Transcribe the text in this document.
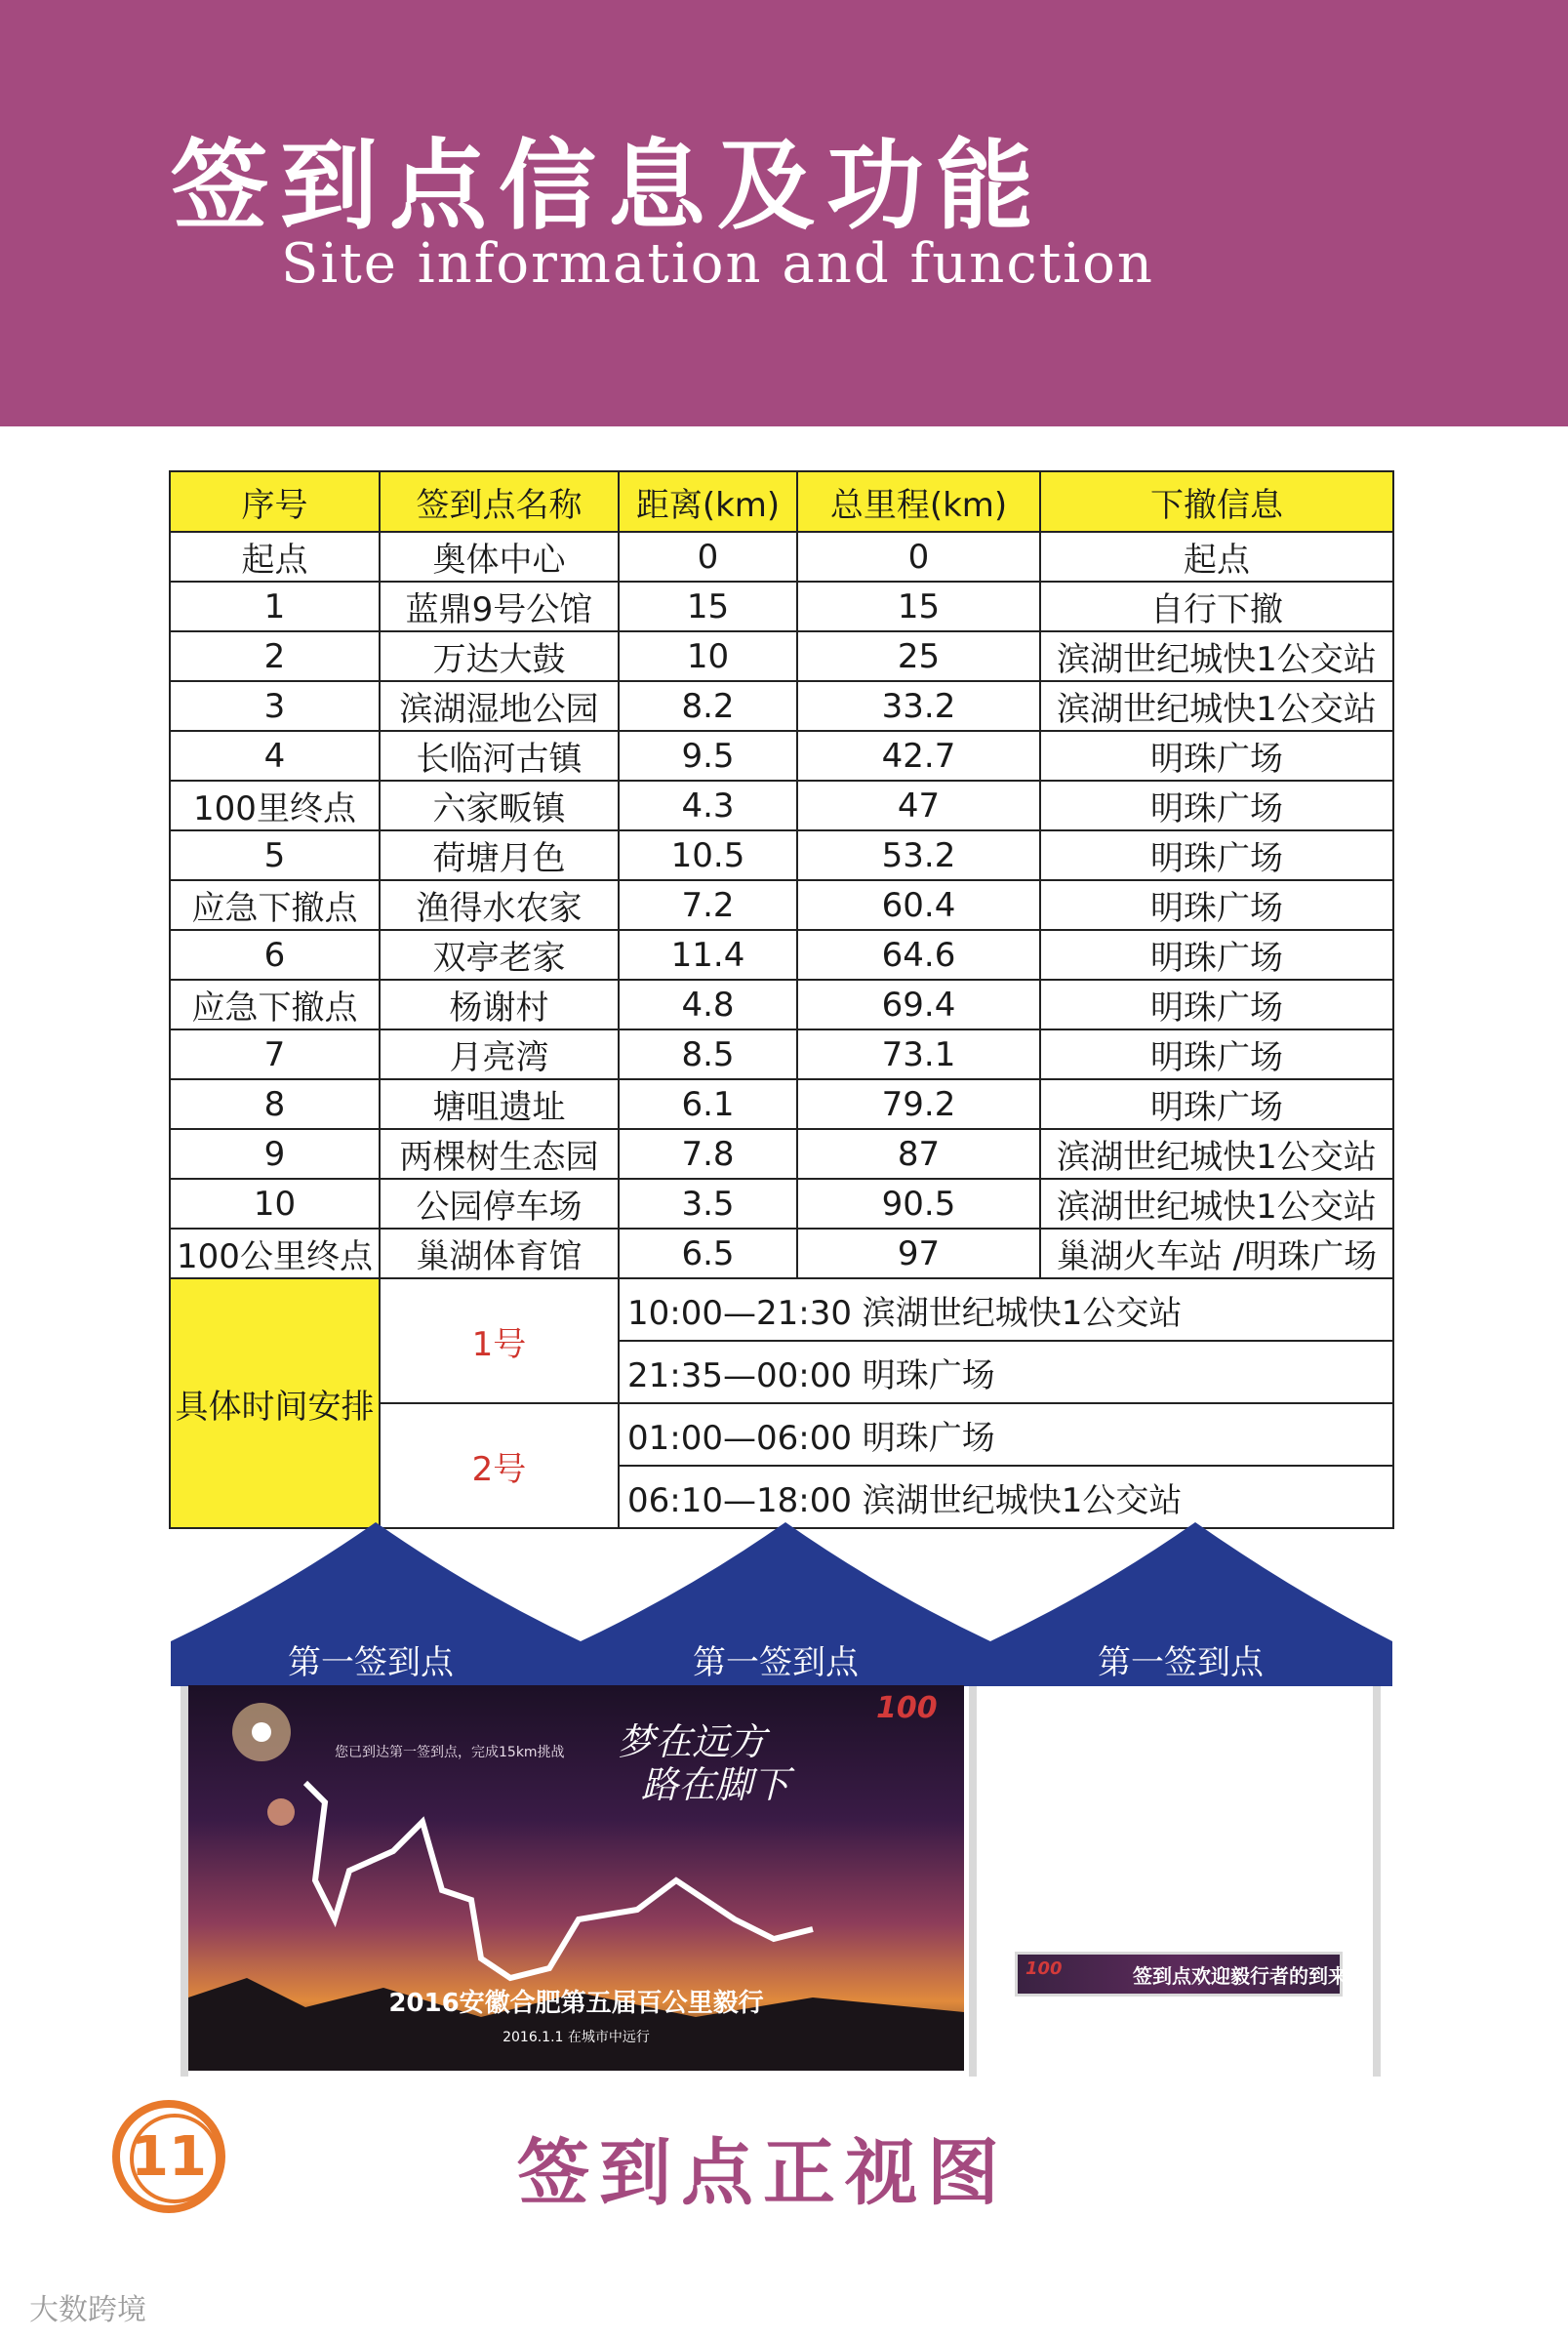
签到点信息及功能
Site information and function
序号	签到点名称	距离(km)	总里程(km)	下撤信息
起点	奥体中心	0	0	起点
1	蓝鼎9号公馆	15	15	自行下撤
2	万达大鼓	10	25	滨湖世纪城快1公交站
3	滨湖湿地公园	8.2	33.2	滨湖世纪城快1公交站
4	长临河古镇	9.5	42.7	明珠广场
100里终点	六家畈镇	4.3	47	明珠广场
5	荷塘月色	10.5	53.2	明珠广场
应急下撤点	渔得水农家	7.2	60.4	明珠广场
6	双亭老家	11.4	64.6	明珠广场
应急下撤点	杨谢村	4.8	69.4	明珠广场
7	月亮湾	8.5	73.1	明珠广场
8	塘咀遗址	6.1	79.2	明珠广场
9	两棵树生态园	7.8	87	滨湖世纪城快1公交站
10	公园停车场	3.5	90.5	滨湖世纪城快1公交站
100公里终点	巢湖体育馆	6.5	97	巢湖火车站 /明珠广场
具体时间安排	1号	10:00—21:30 滨湖世纪城快1公交站		
		21:35—00:00 明珠广场		
	2号	01:00—06:00 明珠广场		
		06:10—18:00 滨湖世纪城快1公交站		
第一签到点	第一签到点	第一签到点
100
您已到达第一签到点，完成15km挑战 梦在远方
路在脚下
2016安徽合肥第五届百公里毅行
2016.1.1 在城市中远行
100	签到点欢迎毅行者的到来
11	签到点正视图
大数跨境
